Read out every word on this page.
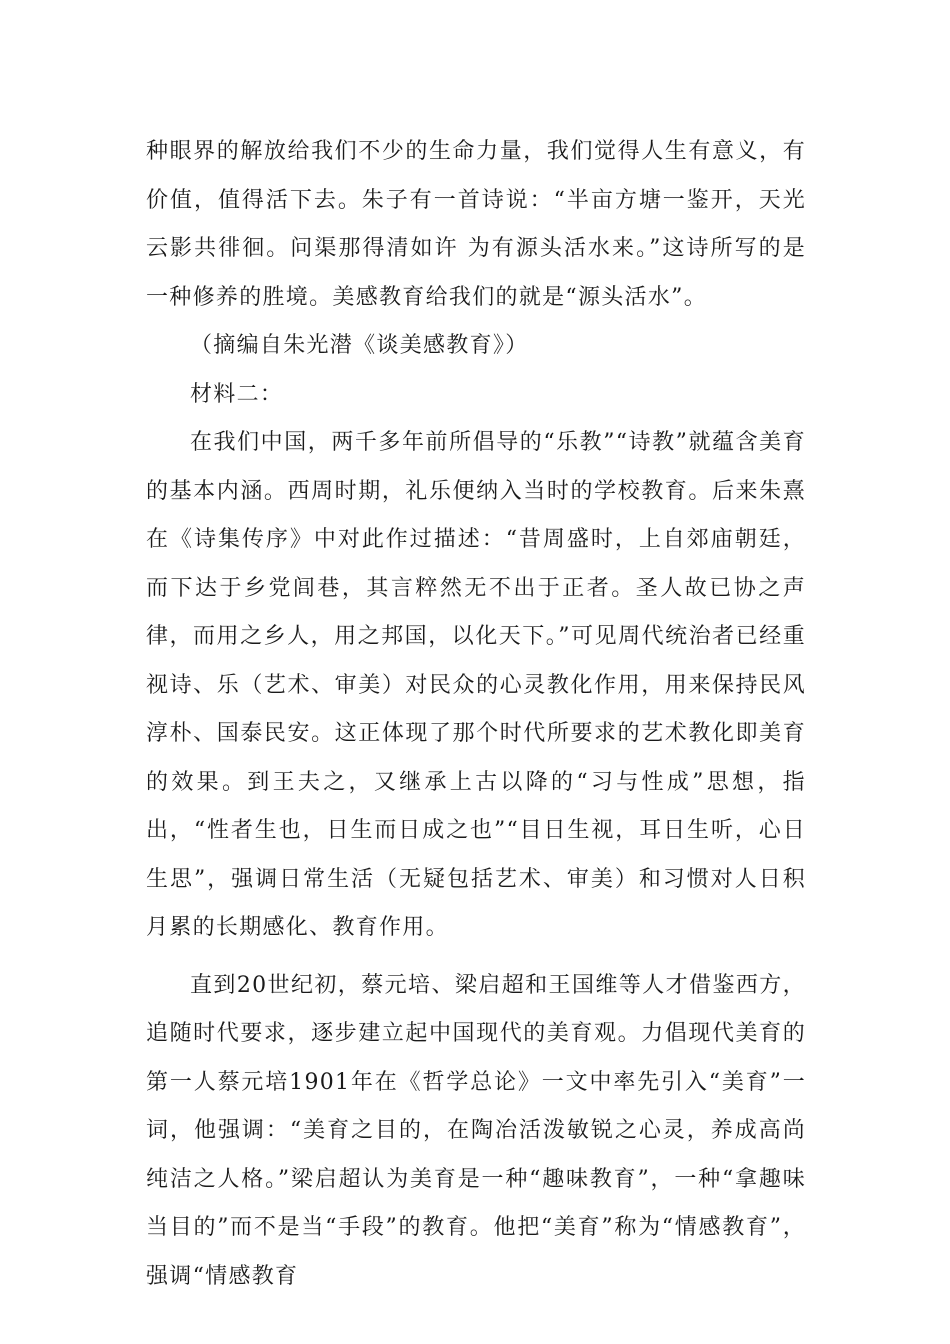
种眼界的解放给我们不少的生命力量，我们觉得人生有意义，有价值，值得活下去。朱子有一首诗说：“半亩方塘一鉴开，天光云影共徘徊。问渠那得清如许 为有源头活水来。”这诗所写的是一种修养的胜境。美感教育给我们的就是“源头活水”。

（摘编自朱光潜《谈美感教育》）

材料二：

在我们中国，两千多年前所倡导的“乐教”“诗教”就蕴含美育的基本内涵。西周时期，礼乐便纳入当时的学校教育。后来朱熹在《诗集传序》中对此作过描述：“昔周盛时，上自郊庙朝廷，而下达于乡党闾巷，其言粹然无不出于正者。圣人故已协之声律，而用之乡人，用之邦国，以化天下。”可见周代统治者已经重视诗、乐（艺术、审美）对民众的心灵教化作用，用来保持民风淳朴、国泰民安。这正体现了那个时代所要求的艺术教化即美育的效果。到王夫之，又继承上古以降的“习与性成”思想，指出，“性者生也，日生而日成之也”“目日生视，耳日生听，心日生思”，强调日常生活（无疑包括艺术、审美）和习惯对人日积月累的长期感化、教育作用。

直到20世纪初，蔡元培、梁启超和王国维等人才借鉴西方，追随时代要求，逐步建立起中国现代的美育观。力倡现代美育的第一人蔡元培1901年在《哲学总论》一文中率先引入“美育”一词，他强调：“美育之目的，在陶冶活泼敏锐之心灵，养成高尚纯洁之人格。”梁启超认为美育是一种“趣味教育”，一种“拿趣味当目的”而不是当“手段”的教育。他把“美育”称为“情感教育”，强调“情感教育
